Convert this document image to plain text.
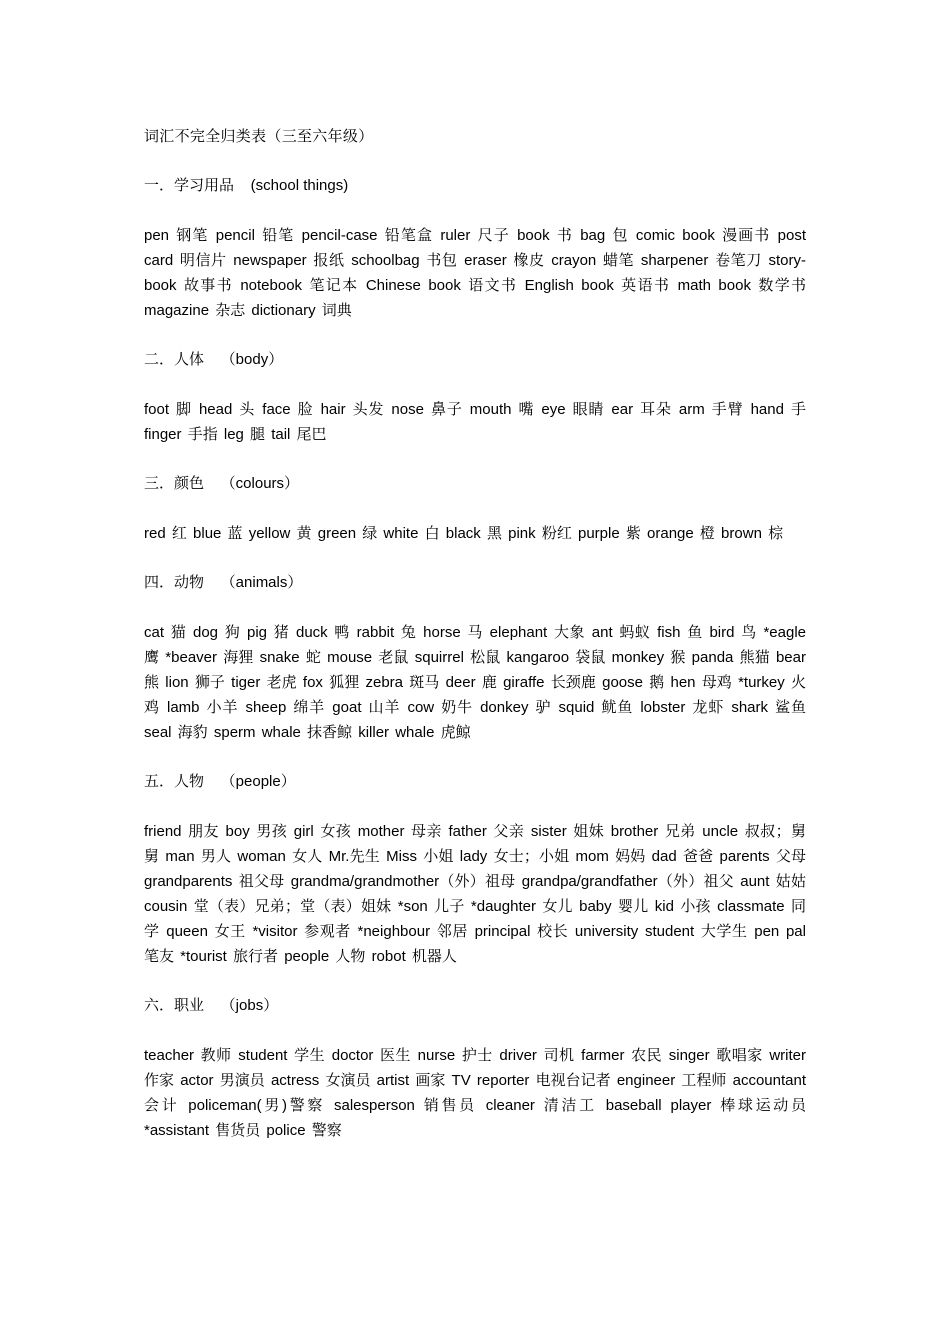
词汇不完全归类表（三至六年级）
一．学习用品    (school things)

pen 钢笔 pencil 铅笔 pencil-case 铅笔盒 ruler 尺子 book 书 bag 包 comic book 漫画书 post card 明信片 newspaper 报纸 schoolbag 书包 eraser 橡皮 crayon 蜡笔 sharpener 卷笔刀 story-book 故事书 notebook 笔记本 Chinese book 语文书 English book 英语书 math book 数学书 magazine 杂志 dictionary 词典

二．人体    （body）

foot 脚 head 头 face 脸 hair 头发 nose 鼻子 mouth 嘴 eye 眼睛 ear 耳朵 arm 手臂 hand 手 finger 手指 leg 腿 tail 尾巴

三．颜色    （colours）

red 红 blue 蓝 yellow 黄 green 绿 white 白 black 黑 pink 粉红 purple 紫 orange 橙 brown 棕

四．动物    （animals）

cat 猫 dog 狗 pig 猪 duck 鸭 rabbit 兔 horse 马 elephant 大象 ant 蚂蚁 fish 鱼 bird 鸟 *eagle 鹰 *beaver 海狸 snake 蛇 mouse 老鼠 squirrel 松鼠 kangaroo 袋鼠 monkey 猴 panda 熊猫 bear 熊 lion 狮子 tiger 老虎 fox 狐狸 zebra 斑马 deer 鹿 giraffe 长颈鹿 goose 鹅 hen 母鸡 *turkey 火鸡 lamb 小羊 sheep 绵羊 goat 山羊 cow 奶牛 donkey 驴 squid 鱿鱼 lobster 龙虾 shark 鲨鱼 seal 海豹 sperm whale 抹香鲸 killer whale 虎鲸

五．人物    （people）

friend 朋友 boy 男孩 girl 女孩 mother 母亲 father 父亲 sister 姐妹 brother 兄弟 uncle 叔叔；舅舅 man 男人 woman 女人 Mr.先生 Miss 小姐 lady 女士；小姐 mom 妈妈 dad 爸爸 parents 父母 grandparents 祖父母 grandma/grandmother（外）祖母 grandpa/grandfather（外）祖父 aunt 姑姑 cousin 堂（表）兄弟；堂（表）姐妹 *son 儿子 *daughter 女儿 baby 婴儿 kid 小孩 classmate 同学 queen 女王 *visitor 参观者 *neighbour 邻居 principal 校长 university student 大学生 pen pal 笔友 *tourist 旅行者 people 人物 robot 机器人

六．职业    （jobs）

teacher 教师 student 学生 doctor 医生 nurse 护士 driver 司机 farmer 农民 singer 歌唱家 writer 作家 actor 男演员 actress 女演员 artist 画家 TV reporter 电视台记者 engineer 工程师 accountant 会计 policeman(男)警察 salesperson 销售员 cleaner 清洁工 baseball player 棒球运动员 *assistant 售货员 police 警察
